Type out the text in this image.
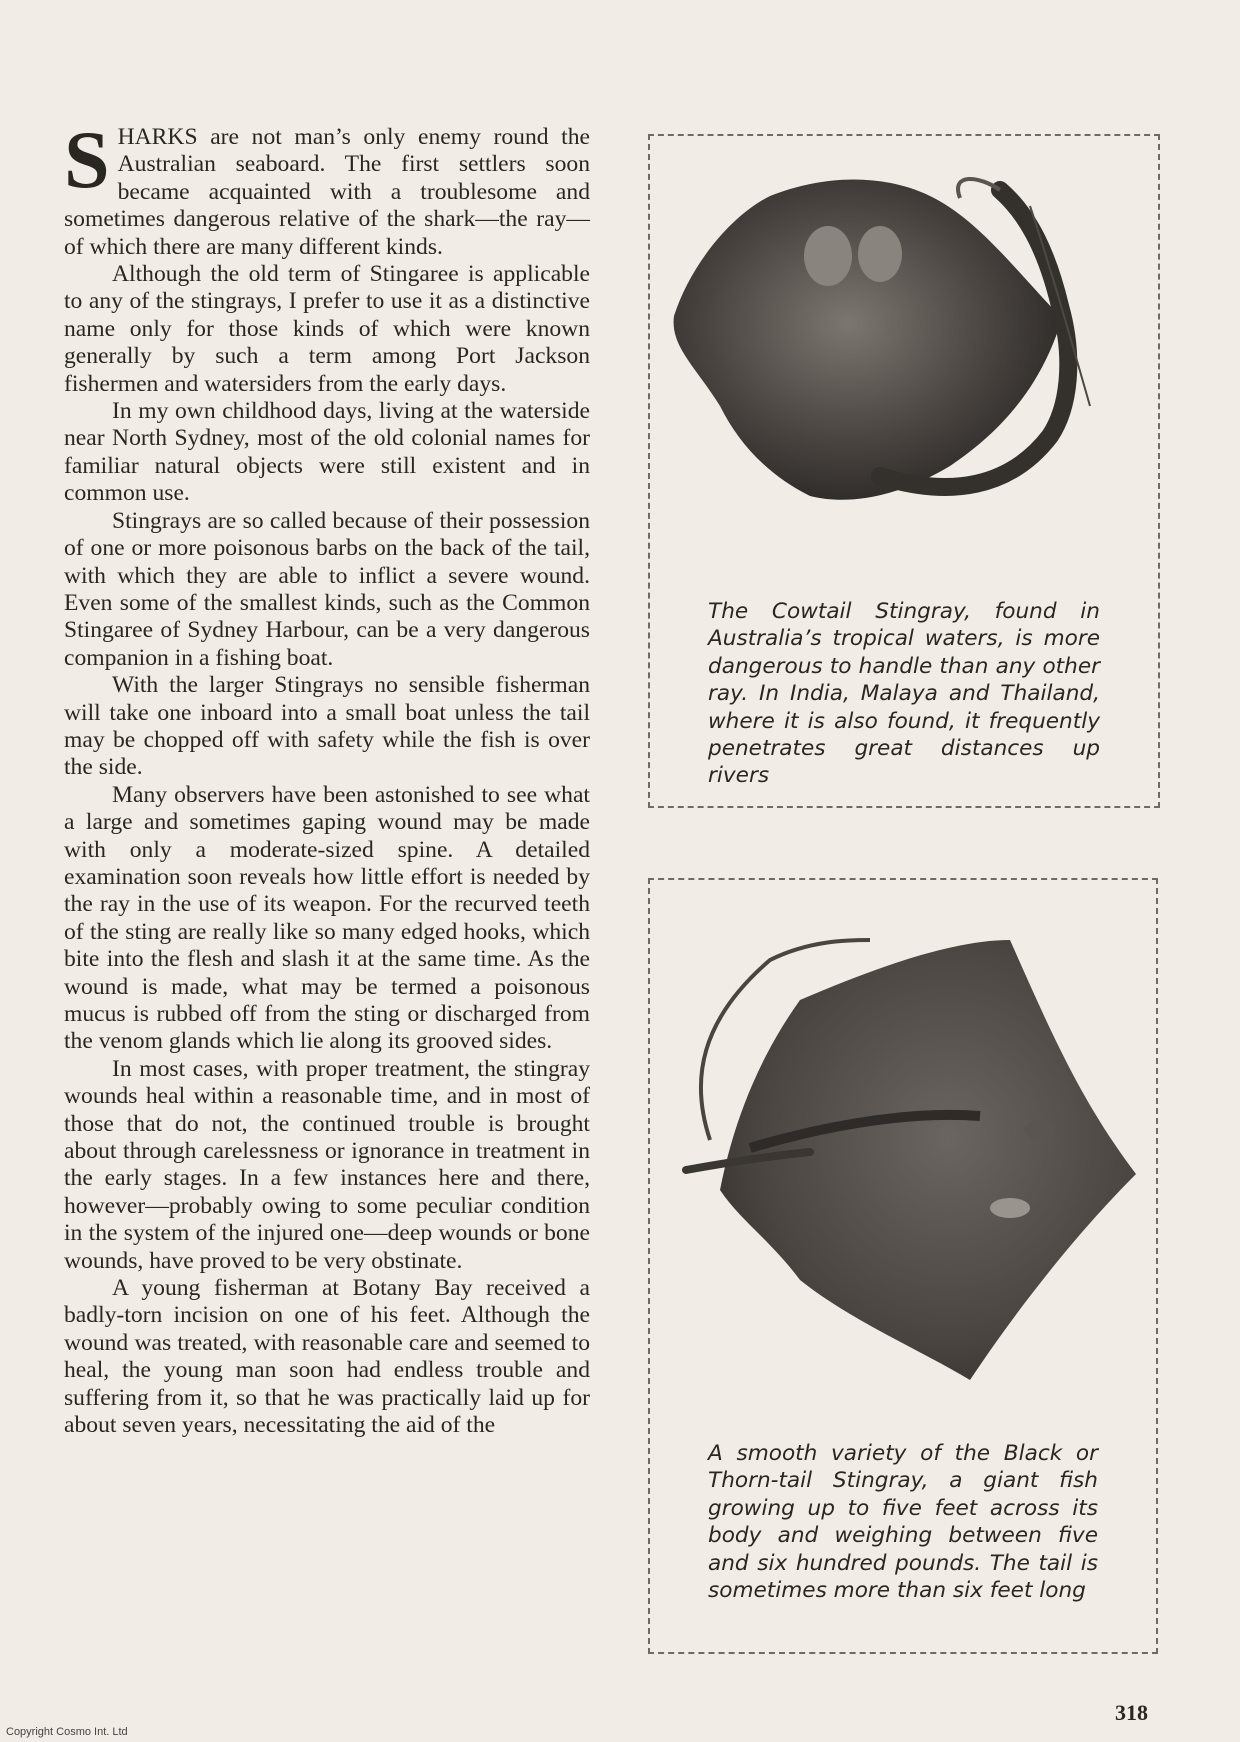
SHARKS are not man’s only enemy round the Australian seaboard. The first settlers soon became acquainted with a troublesome and sometimes dangerous relative of the shark—the ray—of which there are many different kinds.

Although the old term of Stingaree is applicable to any of the stingrays, I prefer to use it as a distinctive name only for those kinds of which were known generally by such a term among Port Jackson fishermen and watersiders from the early days.

In my own childhood days, living at the waterside near North Sydney, most of the old colonial names for familiar natural objects were still existent and in common use.

Stingrays are so called because of their possession of one or more poisonous barbs on the back of the tail, with which they are able to inflict a severe wound. Even some of the smallest kinds, such as the Common Stingaree of Sydney Harbour, can be a very dangerous companion in a fishing boat.

With the larger Stingrays no sensible fisherman will take one inboard into a small boat unless the tail may be chopped off with safety while the fish is over the side.

Many observers have been astonished to see what a large and sometimes gaping wound may be made with only a moderate-sized spine. A detailed examination soon reveals how little effort is needed by the ray in the use of its weapon. For the recurved teeth of the sting are really like so many edged hooks, which bite into the flesh and slash it at the same time. As the wound is made, what may be termed a poisonous mucus is rubbed off from the sting or discharged from the venom glands which lie along its grooved sides.

In most cases, with proper treatment, the stingray wounds heal within a reasonable time, and in most of those that do not, the continued trouble is brought about through carelessness or ignorance in treatment in the early stages. In a few instances here and there, however—probably owing to some peculiar condition in the system of the injured one—deep wounds or bone wounds, have proved to be very obstinate.

A young fisherman at Botany Bay received a badly-torn incision on one of his feet. Although the wound was treated, with reasonable care and seemed to heal, the young man soon had endless trouble and suffering from it, so that he was practically laid up for about seven years, necessitating the aid of the

The Cowtail Stingray, found in Australia’s tropical waters, is more dangerous to handle than any other ray. In India, Malaya and Thailand, where it is also found, it frequently penetrates great distances up rivers
A smooth variety of the Black or Thorn-tail Stingray, a giant fish growing up to five feet across its body and weighing between five and six hundred pounds. The tail is sometimes more than six feet long
318
Copyright Cosmo Int. Ltd
